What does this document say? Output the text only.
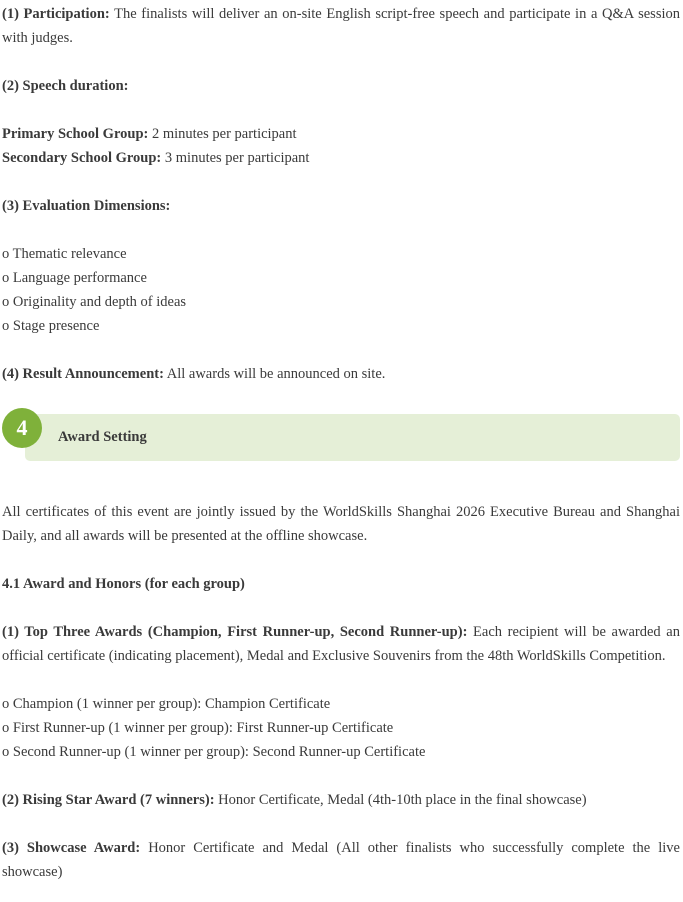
(1) Participation: The finalists will deliver an on-site English script-free speech and participate in a Q&A session with judges.
(2) Speech duration:
Primary School Group: 2 minutes per participant
Secondary School Group: 3 minutes per participant
(3) Evaluation Dimensions:
o Thematic relevance
o Language performance
o Originality and depth of ideas
o Stage presence
(4) Result Announcement: All awards will be announced on site.
4	Award Setting
All certificates of this event are jointly issued by the WorldSkills Shanghai 2026 Executive Bureau and Shanghai Daily, and all awards will be presented at the offline showcase.
4.1 Award and Honors (for each group)
(1) Top Three Awards (Champion, First Runner-up, Second Runner-up): Each recipient will be awarded an official certificate (indicating placement), Medal and Exclusive Souvenirs from the 48th WorldSkills Competition.
o Champion (1 winner per group): Champion Certificate
o First Runner-up (1 winner per group): First Runner-up Certificate
o Second Runner-up (1 winner per group): Second Runner-up Certificate
(2) Rising Star Award (7 winners): Honor Certificate, Medal (4th-10th place in the final showcase)
(3) Showcase Award: Honor Certificate and Medal (All other finalists who successfully complete the live showcase)
